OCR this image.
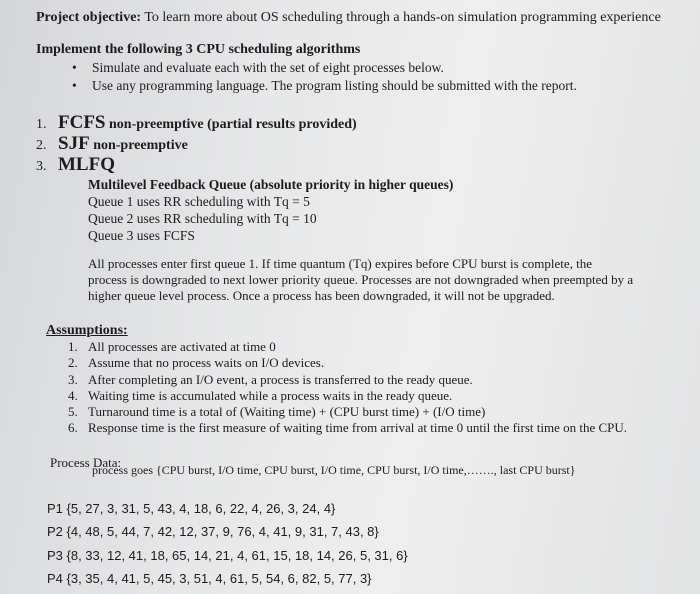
Project objective: To learn more about OS scheduling through a hands-on simulation programming experience
Implement the following 3 CPU scheduling algorithms
• Simulate and evaluate each with the set of eight processes below.
• Use any programming language. The program listing should be submitted with the report.
1. FCFS non-preemptive (partial results provided)
2. SJF non-preemptive
3. MLFQ
Multilevel Feedback Queue (absolute priority in higher queues)
Queue 1 uses RR scheduling with Tq = 5
Queue 2 uses RR scheduling with Tq = 10
Queue 3 uses FCFS
All processes enter first queue 1. If time quantum (Tq) expires before CPU burst is complete, the
process is downgraded to next lower priority queue. Processes are not downgraded when preempted by a
higher queue level process. Once a process has been downgraded, it will not be upgraded.
Assumptions:
1. All processes are activated at time 0
2. Assume that no process waits on I/O devices.
3. After completing an I/O event, a process is transferred to the ready queue.
4. Waiting time is accumulated while a process waits in the ready queue.
5. Turnaround time is a total of (Waiting time) + (CPU burst time) + (I/O time)
6. Response time is the first measure of waiting time from arrival at time 0 until the first time on the CPU.
Process Data:
process goes {CPU burst, I/O time, CPU burst, I/O time, CPU burst, I/O time,……., last CPU burst}
P1 {5, 27, 3, 31, 5, 43, 4, 18, 6, 22, 4, 26, 3, 24, 4}
P2 {4, 48, 5, 44, 7, 42, 12, 37, 9, 76, 4, 41, 9, 31, 7, 43, 8}
P3 {8, 33, 12, 41, 18, 65, 14, 21, 4, 61, 15, 18, 14, 26, 5, 31, 6}
P4 {3, 35, 4, 41, 5, 45, 3, 51, 4, 61, 5, 54, 6, 82, 5, 77, 3}
